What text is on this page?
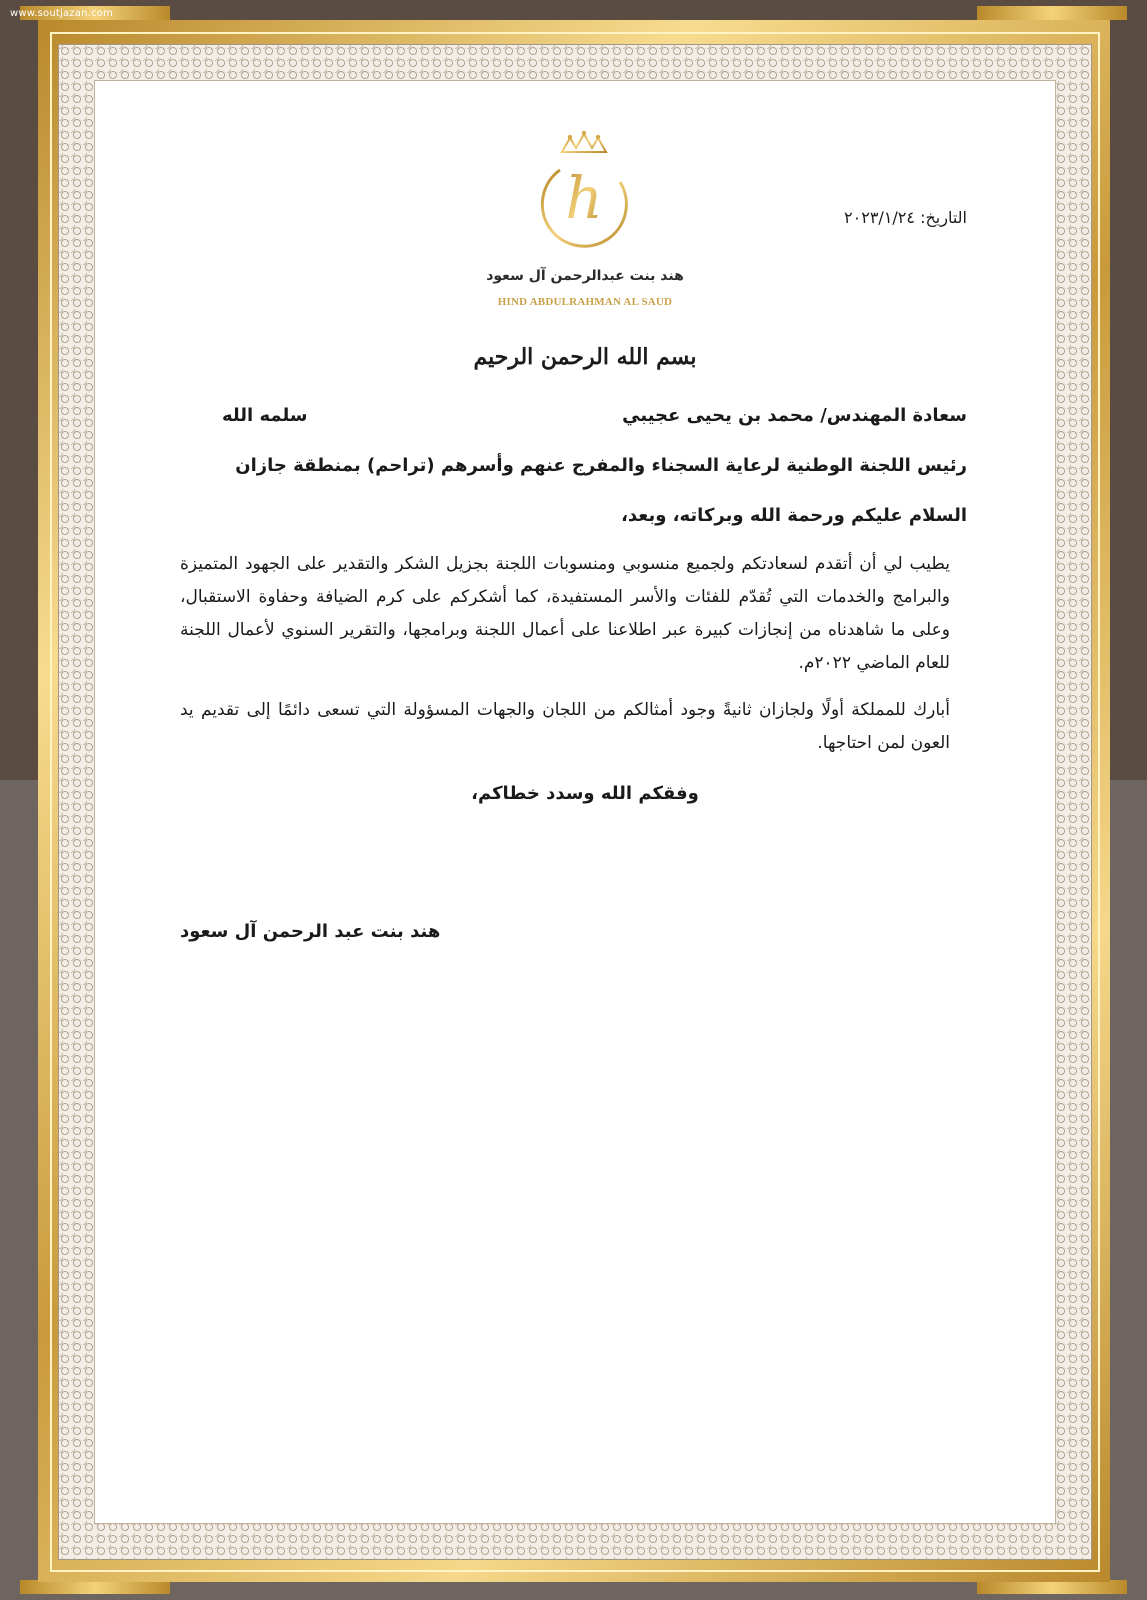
www.soutjazan.com
h
هند بنت عبدالرحمن آل سعود
HIND ABDULRAHMAN AL SAUD
التاريخ: ٢٠٢٣/١/٢٤
بسم الله الرحمن الرحيم
سعادة المهندس/ محمد بن يحيى عجيبي
سلمه الله
رئيس اللجنة الوطنية لرعاية السجناء والمفرج عنهم وأسرهم (تراحم) بمنطقة جازان
السلام عليكم ورحمة الله وبركاته، وبعد،
يطيب لي أن أتقدم لسعادتكم ولجميع منسوبي ومنسوبات اللجنة بجزيل الشكر والتقدير على الجهود المتميزة والبرامج والخدمات التي تُقدّم للفئات والأسر المستفيدة، كما أشكركم على كرم الضيافة وحفاوة الاستقبال، وعلى ما شاهدناه من إنجازات كبيرة عبر اطلاعنا على أعمال اللجنة وبرامجها، والتقرير السنوي لأعمال اللجنة للعام الماضي ٢٠٢٢م.
أبارك للمملكة أولًا ولجازان ثانيةً وجود أمثالكم من اللجان والجهات المسؤولة التي تسعى دائمًا إلى تقديم يد العون لمن احتاجها.
وفقكم الله وسدد خطاكم،
هند بنت عبد الرحمن آل سعود
